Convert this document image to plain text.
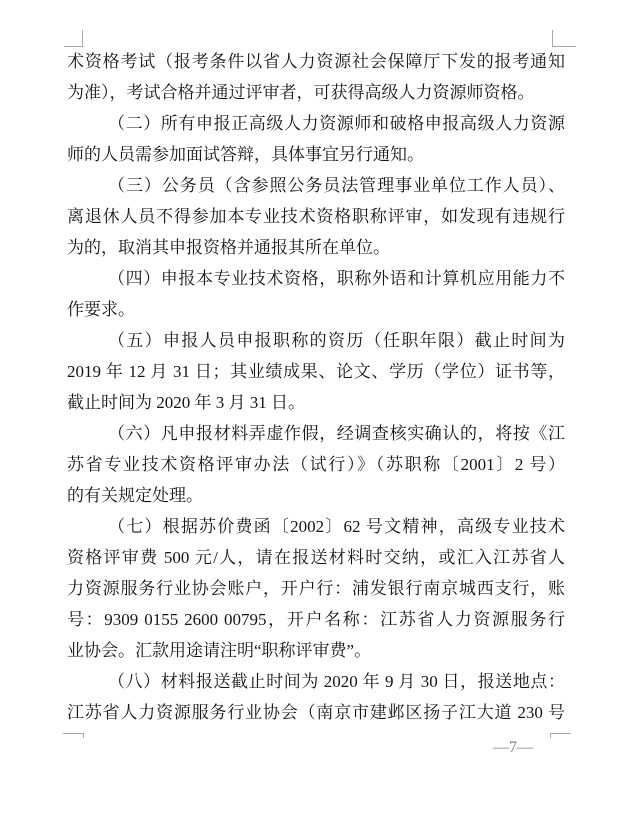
术资格考试（报考条件以省人力资源社会保障厅下发的报考通知
为准），考试合格并通过评审者，可获得高级人力资源师资格。
（二）所有申报正高级人力资源师和破格申报高级人力资源
师的人员需参加面试答辩，具体事宜另行通知。
（三）公务员（含参照公务员法管理事业单位工作人员）、
离退休人员不得参加本专业技术资格职称评审，如发现有违规行
为的，取消其申报资格并通报其所在单位。
（四）申报本专业技术资格，职称外语和计算机应用能力不
作要求。
（五）申报人员申报职称的资历（任职年限）截止时间为
2019 年 12 月 31 日；其业绩成果、论文、学历（学位）证书等，
截止时间为 2020 年 3 月 31 日。
（六）凡申报材料弄虚作假，经调查核实确认的，将按《江
苏省专业技术资格评审办法（试行）》（苏职称〔2001〕2 号）
的有关规定处理。
（七）根据苏价费函〔2002〕62 号文精神，高级专业技术
资格评审费 500 元/人，请在报送材料时交纳，或汇入江苏省人
力资源服务行业协会账户，开户行：浦发银行南京城西支行，账
号：9309 0155 2600 00795，开户名称：江苏省人力资源服务行
业协会。汇款用途请注明“职称评审费”。
（八）材料报送截止时间为 2020 年 9 月 30 日，报送地点：
江苏省人力资源服务行业协会（南京市建邺区扬子江大道 230 号
—7—
